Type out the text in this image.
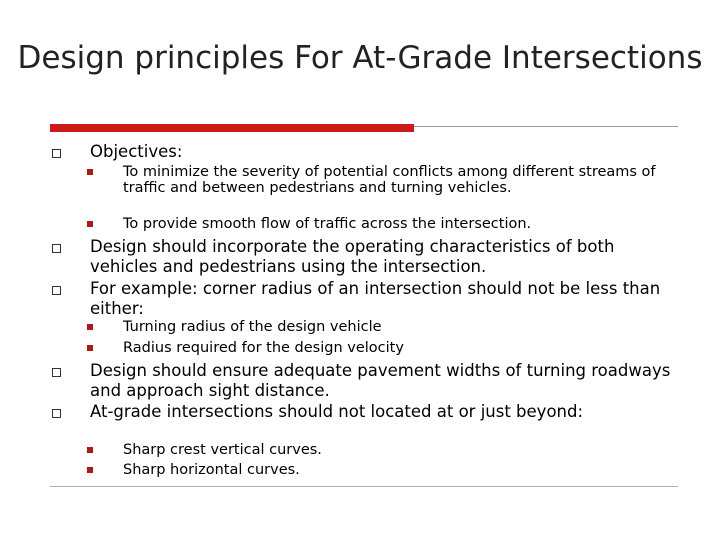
Design principles For At-Grade Intersections
Objectives:
To minimize the severity of potential conflicts among different streams of traffic and between pedestrians and turning vehicles.
To provide smooth flow of traffic across the intersection.
Design should incorporate the operating characteristics of both vehicles and pedestrians using the intersection.
For example: corner radius of an intersection should not be less than either:
Turning radius of the design vehicle
Radius required for the design velocity
Design should ensure adequate pavement widths of turning roadways and approach sight distance.
At-grade intersections should not located at or just beyond:
Sharp crest vertical curves.
Sharp horizontal curves.
